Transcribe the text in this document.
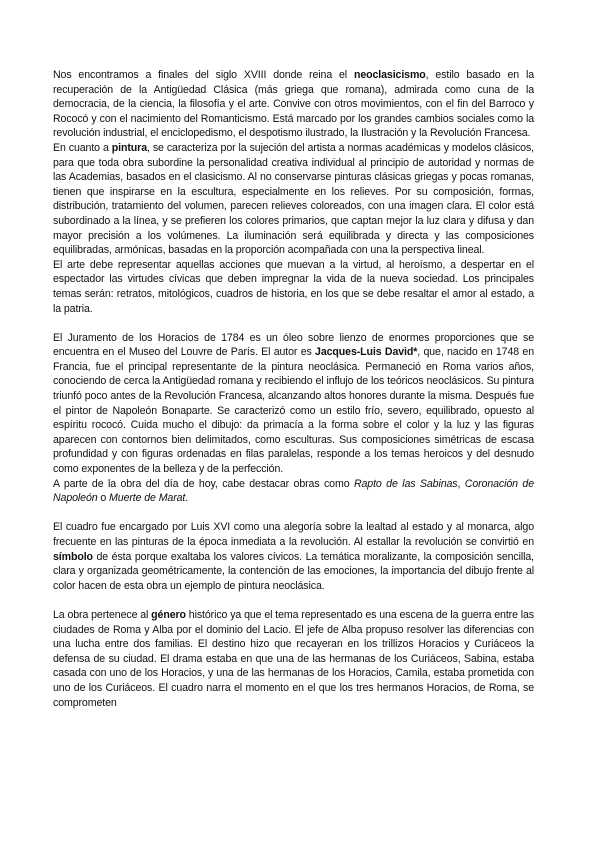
Nos encontramos a finales del siglo XVIII donde reina el neoclasicismo, estilo basado en la recuperación de la Antigüedad Clásica (más griega que romana), admirada como cuna de la democracia, de la ciencia, la filosofía y el arte. Convive con otros movimientos, con el fin del Barroco y Rococó y con el nacimiento del Romanticismo. Está marcado por los grandes cambios sociales como la revolución industrial, el enciclopedismo, el despotismo ilustrado, la Ilustración y la Revolución Francesa.

En cuanto a pintura, se caracteriza por la sujeción del artista a normas académicas y modelos clásicos, para que toda obra subordine la personalidad creativa individual al principio de autoridad y normas de las Academias, basados en el clasicismo. Al no conservarse pinturas clásicas griegas y pocas romanas, tienen que inspirarse en la escultura, especialmente en los relieves. Por su composición, formas, distribución, tratamiento del volumen, parecen relieves coloreados, con una imagen clara. El color está subordinado a la línea, y se prefieren los colores primarios, que captan mejor la luz clara y difusa y dan mayor precisión a los volúmenes. La iluminación será equilibrada y directa y las composiciones equilibradas, armónicas, basadas en la proporción acompañada con una la perspectiva lineal.

El arte debe representar aquellas acciones que muevan a la virtud, al heroísmo, a despertar en el espectador las virtudes cívicas que deben impregnar la vida de la nueva sociedad. Los principales temas serán: retratos, mitológicos, cuadros de historia, en los que se debe resaltar el amor al estado, a la patria.

El Juramento de los Horacios de 1784 es un óleo sobre lienzo de enormes proporciones que se encuentra en el Museo del Louvre de París. El autor es Jacques-Luis David*, que, nacido en 1748 en Francia, fue el principal representante de la pintura neoclásica. Permaneció en Roma varios años, conociendo de cerca la Antigüedad romana y recibiendo el influjo de los teóricos neoclásicos. Su pintura triunfó poco antes de la Revolución Francesa, alcanzando altos honores durante la misma. Después fue el pintor de Napoleón Bonaparte. Se caracterizó como un estilo frío, severo, equilibrado, opuesto al espíritu rococó. Cuida mucho el dibujo: da primacía a la forma sobre el color y la luz y las figuras aparecen con contornos bien delimitados, como esculturas. Sus composiciones simétricas de escasa profundidad y con figuras ordenadas en filas paralelas, responde a los temas heroicos y del desnudo como exponentes de la belleza y de la perfección.

A parte de la obra del día de hoy, cabe destacar obras como Rapto de las Sabinas, Coronación de Napoleón o Muerte de Marat.

El cuadro fue encargado por Luis XVI como una alegoría sobre la lealtad al estado y al monarca, algo frecuente en las pinturas de la época inmediata a la revolución. Al estallar la revolución se convirtió en símbolo de ésta porque exaltaba los valores cívicos. La temática moralizante, la composición sencilla, clara y organizada geométricamente, la contención de las emociones, la importancia del dibujo frente al color hacen de esta obra un ejemplo de pintura neoclásica.

La obra pertenece al género histórico ya que el tema representado es una escena de la guerra entre las ciudades de Roma y Alba por el dominio del Lacio. El jefe de Alba propuso resolver las diferencias con una lucha entre dos familias. El destino hizo que recayeran en los trillizos Horacios y Curiáceos la defensa de su ciudad. El drama estaba en que una de las hermanas de los Curiáceos, Sabina, estaba casada con uno de los Horacios, y una de las hermanas de los Horacios, Camila, estaba prometida con uno de los Curiáceos. El cuadro narra el momento en el que los tres hermanos Horacios, de Roma, se comprometen
